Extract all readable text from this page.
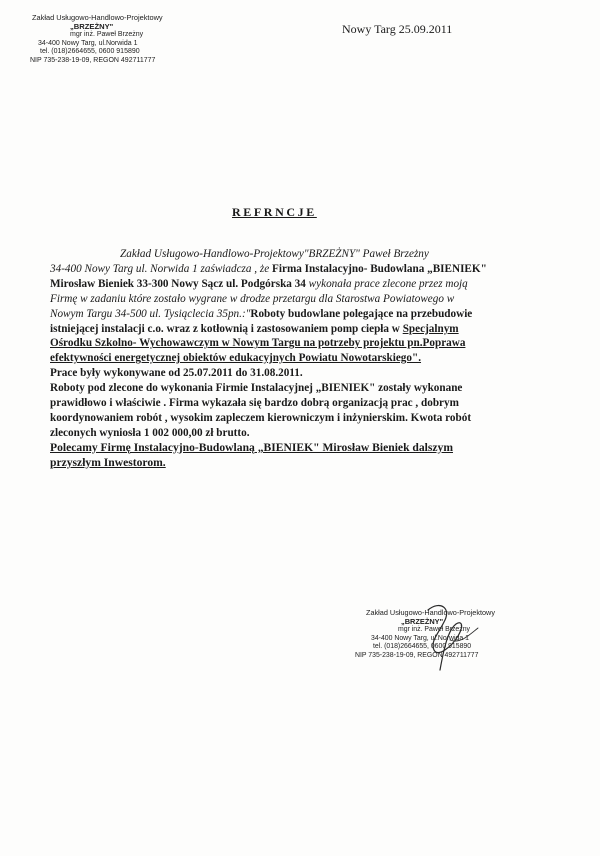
Zakład Usługowo-Handlowo-Projektowy
„BRZEŻNY"
mgr inż. Paweł Brzeżny
34-400 Nowy Targ, ul.Norwida 1
tel. (018)2664655, 0600 915890
NIP 735-238-19-09, REGON 492711777
Nowy Targ 25.09.2011
REFRNCJE
Zakład Usługowo-Handlowo-Projektowy"BRZEŻNY" Paweł Brzeżny
34-400 Nowy Targ ul. Norwida 1 zaświadcza , że Firma Instalacyjno- Budowlana „BIENIEK"
Mirosław Bieniek 33-300 Nowy Sącz ul. Podgórska 34 wykonała prace zlecone przez moją
Firmę w zadaniu które zostało wygrane w drodze przetargu dla Starostwa Powiatowego w
Nowym Targu 34-500 ul. Tysiąclecia 35pn.:"Roboty budowlane polegające na przebudowie
istniejącej instalacji c.o. wraz z kotłownią i zastosowaniem pomp ciepła w Specjalnym
Ośrodku Szkolno- Wychowawczym w Nowym Targu na potrzeby projektu pn.Poprawa
efektywności energetycznej obiektów edukacyjnych Powiatu Nowotarskiego".
Prace były wykonywane od 25.07.2011 do 31.08.2011.
Roboty pod zlecone do wykonania Firmie Instalacyjnej „BIENIEK" zostały wykonane
prawidłowo i właściwie . Firma wykazała się bardzo dobrą organizacją prac , dobrym
koordynowaniem robót , wysokim zapleczem kierowniczym i inżynierskim. Kwota robót
zleconych wyniosła 1 002 000,00 zł brutto.
Polecamy Firmę Instalacyjno-Budowlaną „BIENIEK" Mirosław Bieniek dalszym
przyszłym Inwestorom.
Zakład Usługowo-Handlowo-Projektowy
„BRZEŻNY"
mgr inż. Paweł Brzeżny
34-400 Nowy Targ, ul.Norwida 1
tel. (018)2664655, 0600 915890
NIP 735-238-19-09, REGON 492711777
